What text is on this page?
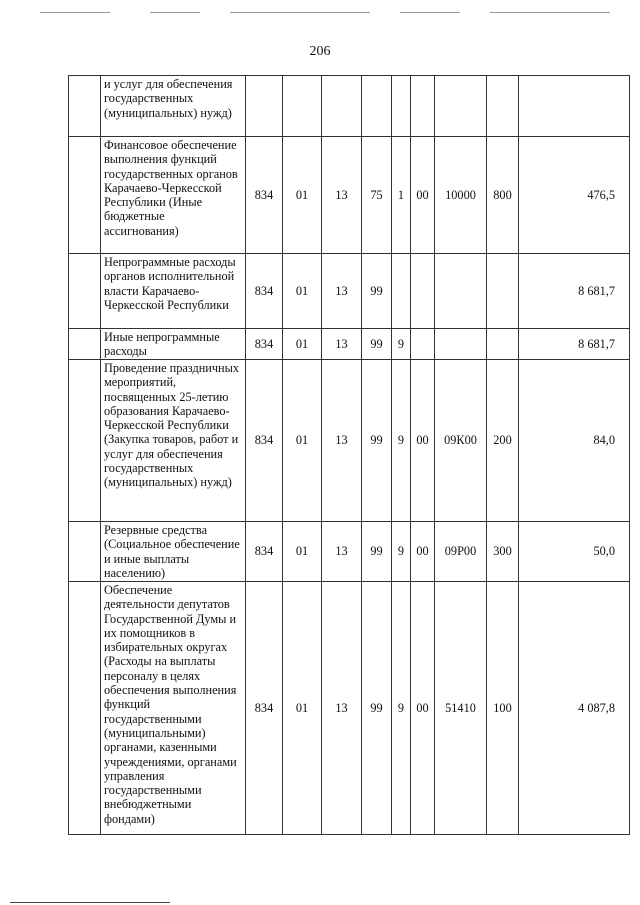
206
	и услуг для обеспечения государственных (муниципальных) нужд)									
	Финансовое обеспечение выполнения функций государственных органов Карачаево-Черкесской Республики (Иные бюджетные ассигнования)	834	01	13	75	1	00	10000	800	476,5
	Непрограммные расходы органов исполнительной власти Карачаево-Черкесской Республики	834	01	13	99					8 681,7
	Иные непрограммные расходы	834	01	13	99	9				8 681,7
	Проведение праздничных мероприятий, посвященных 25-летию образования Карачаево-Черкесской Республики (Закупка товаров, работ и услуг для обеспечения государственных (муниципальных) нужд)	834	01	13	99	9	00	09К00	200	84,0
	Резервные средства (Социальное обеспечение и иные выплаты населению)	834	01	13	99	9	00	09Р00	300	50,0
	Обеспечение деятельности депутатов Государственной Думы и их помощников в избирательных округах (Расходы на выплаты персоналу в целях обеспечения выполнения функций государственными (муниципальными) органами, казенными учреждениями, органами управления государственными внебюджетными фондами)	834	01	13	99	9	00	51410	100	4 087,8
